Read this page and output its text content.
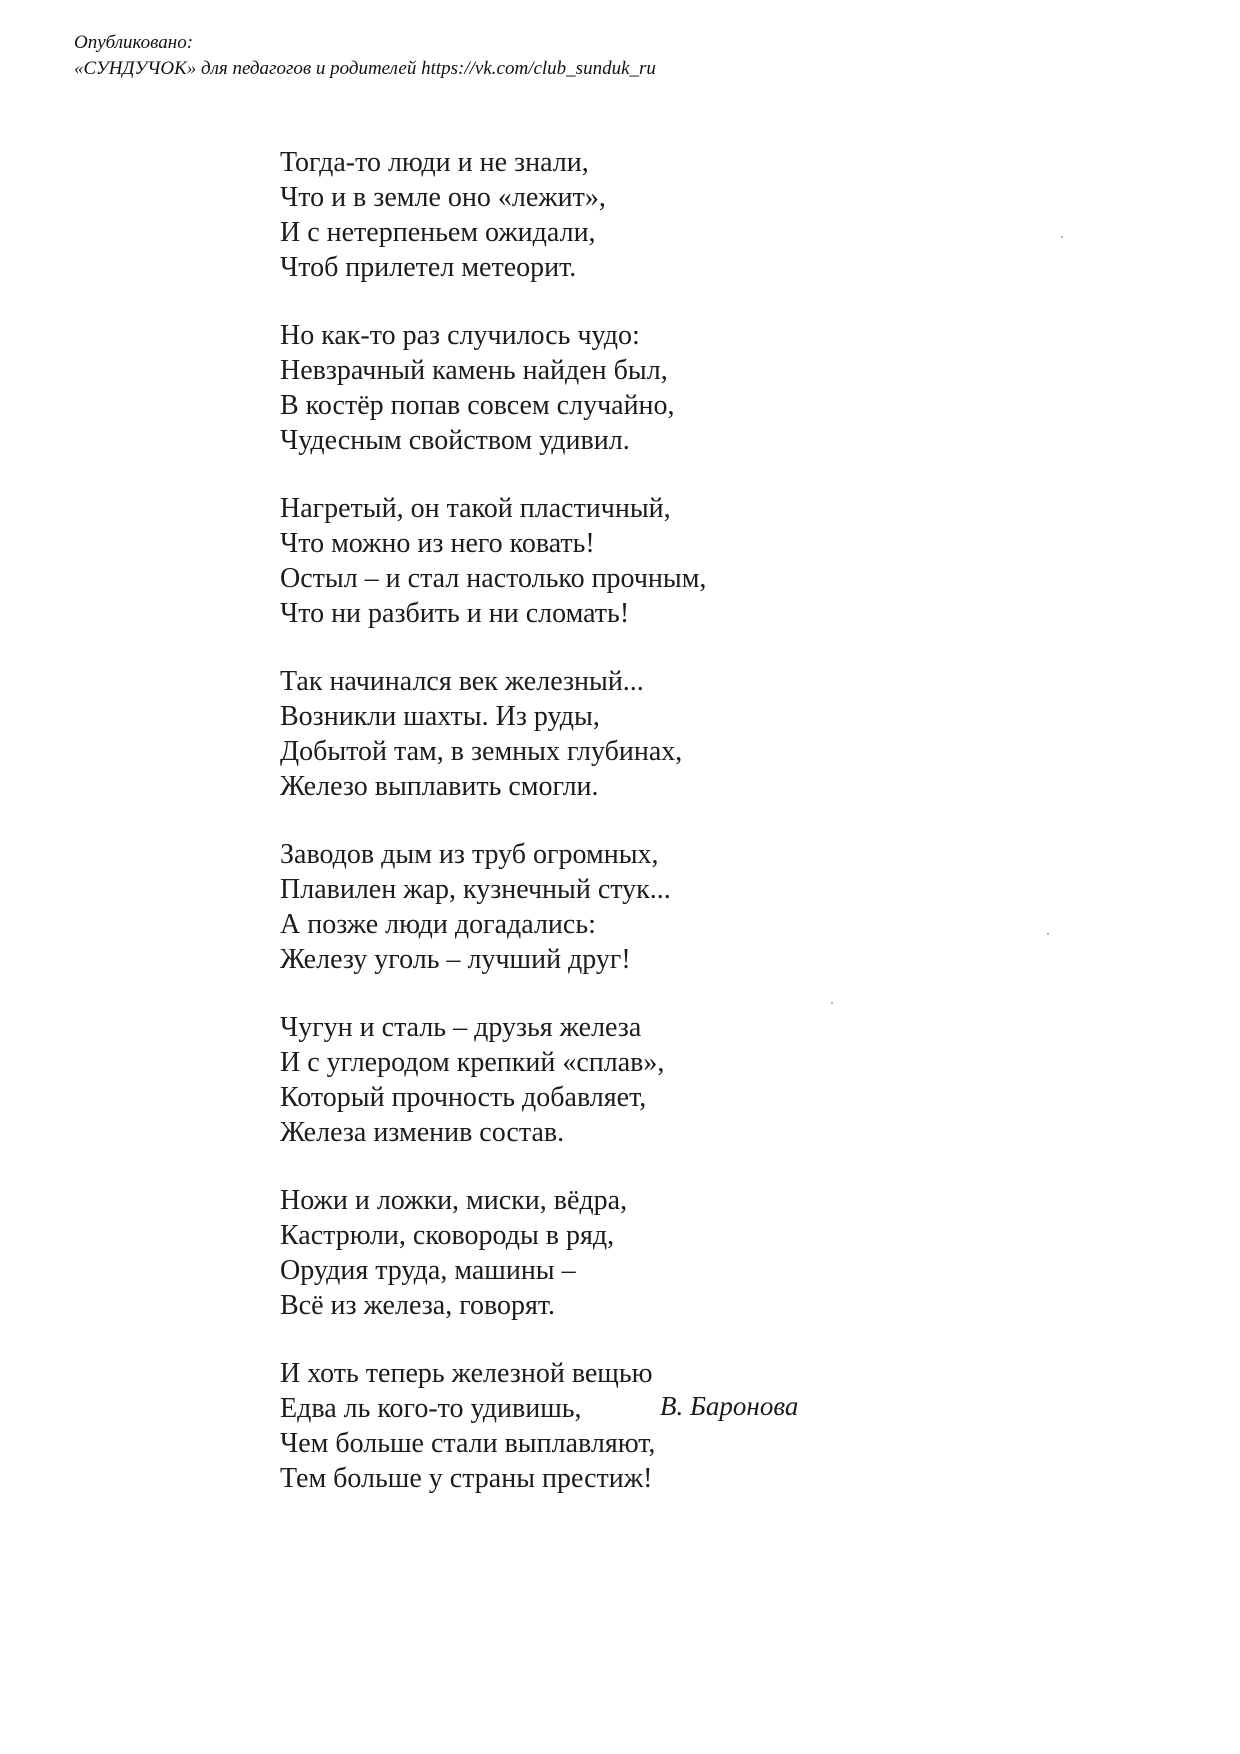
Опубликовано:
«СУНДУЧОК» для педагогов и родителей https://vk.com/club_sunduk_ru
Тогда-то люди и не знали,
Что и в земле оно «лежит»,
И с нетерпеньем ожидали,
Чтоб прилетел метеорит.
Но как-то раз случилось чудо:
Невзрачный камень найден был,
В костёр попав совсем случайно,
Чудесным свойством удивил.
Нагретый, он такой пластичный,
Что можно из него ковать!
Остыл – и стал настолько прочным,
Что ни разбить и ни сломать!
Так начинался век железный...
Возникли шахты. Из руды,
Добытой там, в земных глубинах,
Железо выплавить смогли.
Заводов дым из труб огромных,
Плавилен жар, кузнечный стук...
А позже люди догадались:
Железу уголь – лучший друг!
Чугун и сталь – друзья железа
И с углеродом крепкий «сплав»,
Который прочность добавляет,
Железа изменив состав.
Ножи и ложки, миски, вёдра,
Кастрюли, сковороды в ряд,
Орудия труда, машины –
Всё из железа, говорят.
И хоть теперь железной вещью
Едва ль кого-то удивишь,
Чем больше стали выплавляют,
Тем больше у страны престиж!
В. Баронова
